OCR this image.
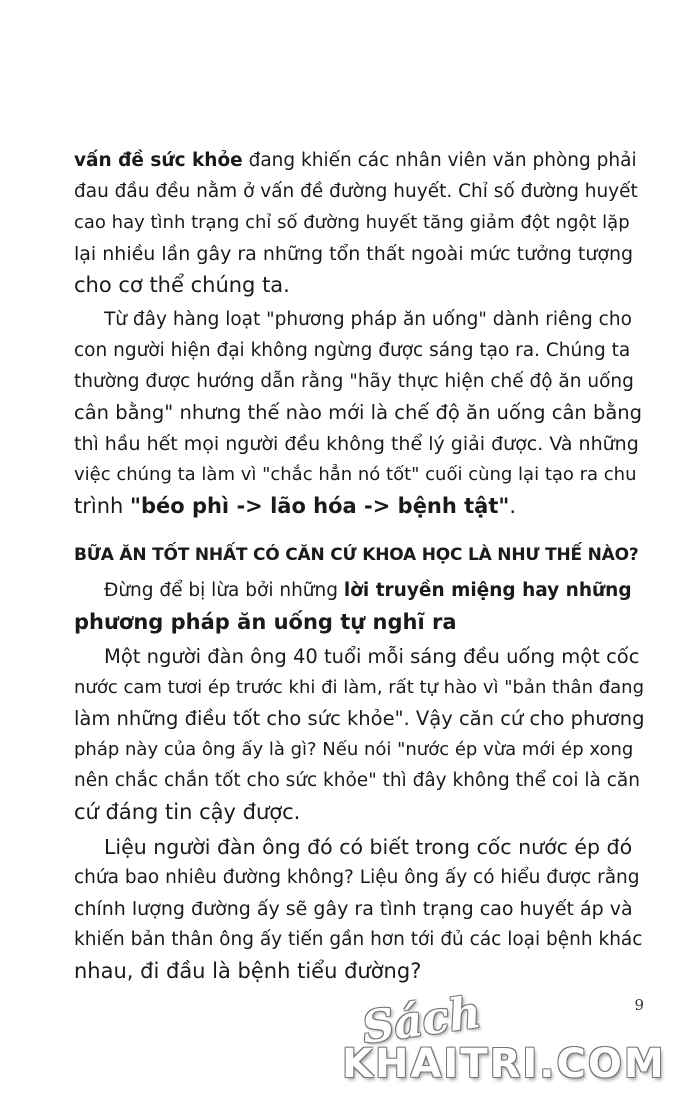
vấn đề sức khỏe đang khiến các nhân viên văn phòng phải

đau đầu đều nằm ở vấn đề đường huyết. Chỉ số đường huyết

cao hay tình trạng chỉ số đường huyết tăng giảm đột ngột lặp

lại nhiều lần gây ra những tổn thất ngoài mức tưởng tượng

cho cơ thể chúng ta.

Từ đây hàng loạt "phương pháp ăn uống" dành riêng cho

con người hiện đại không ngừng được sáng tạo ra. Chúng ta

thường được hướng dẫn rằng "hãy thực hiện chế độ ăn uống

cân bằng" nhưng thế nào mới là chế độ ăn uống cân bằng

thì hầu hết mọi người đều không thể lý giải được. Và những

việc chúng ta làm vì "chắc hẳn nó tốt" cuối cùng lại tạo ra chu

trình "béo phì -> lão hóa -> bệnh tật".

BỮA ĂN TỐT NHẤT CÓ CĂN CỨ KHOA HỌC LÀ NHƯ THẾ NÀO?

Đừng để bị lừa bởi những lời truyền miệng hay những

phương pháp ăn uống tự nghĩ ra

Một người đàn ông 40 tuổi mỗi sáng đều uống một cốc

nước cam tươi ép trước khi đi làm, rất tự hào vì "bản thân đang

làm những điều tốt cho sức khỏe". Vậy căn cứ cho phương

pháp này của ông ấy là gì? Nếu nói "nước ép vừa mới ép xong

nên chắc chắn tốt cho sức khỏe" thì đây không thể coi là căn

cứ đáng tin cậy được.

Liệu người đàn ông đó có biết trong cốc nước ép đó

chứa bao nhiêu đường không? Liệu ông ấy có hiểu được rằng

chính lượng đường ấy sẽ gây ra tình trạng cao huyết áp và

khiến bản thân ông ấy tiến gần hơn tới đủ các loại bệnh khác

nhau, đi đầu là bệnh tiểu đường?

9
Sách
KHAITRI.COM
